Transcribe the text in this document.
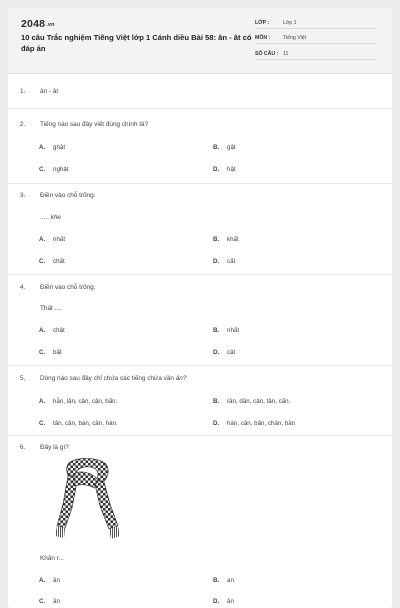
2048.vn
10 câu Trắc nghiệm Tiếng Việt lớp 1 Cánh diều Bài 58: ân - ât có đáp án
LỚP :	Lớp 1
MÔN : Tiếng Việt
SỐ CÂU : 11
1. ân - ât
2. Tiếng nào sau đây viết đúng chính tả?
A. ghật	B. gật
C. nghật	D. hật
3. Điền vào chỗ trống:
..... khe
A. nhất	B. khất
C. chất	D. cất
4. Điền vào chỗ trống:
Thất ....
A. chật	B. nhất
C. bật	D. cật
5. Dòng nào sau đây chỉ chứa các tiếng chứa vần ân?
A. hẫn, lân, cân, cận, bấn.	B. rân, dần, cản, tân, cấn.
C. tân, cân, ban, cản, hàn.	D. hán, cản, bản, chán, bàn
6. Đây là gì?
Khăn r...
A. ân	B. an
C. ăn	D. ân
